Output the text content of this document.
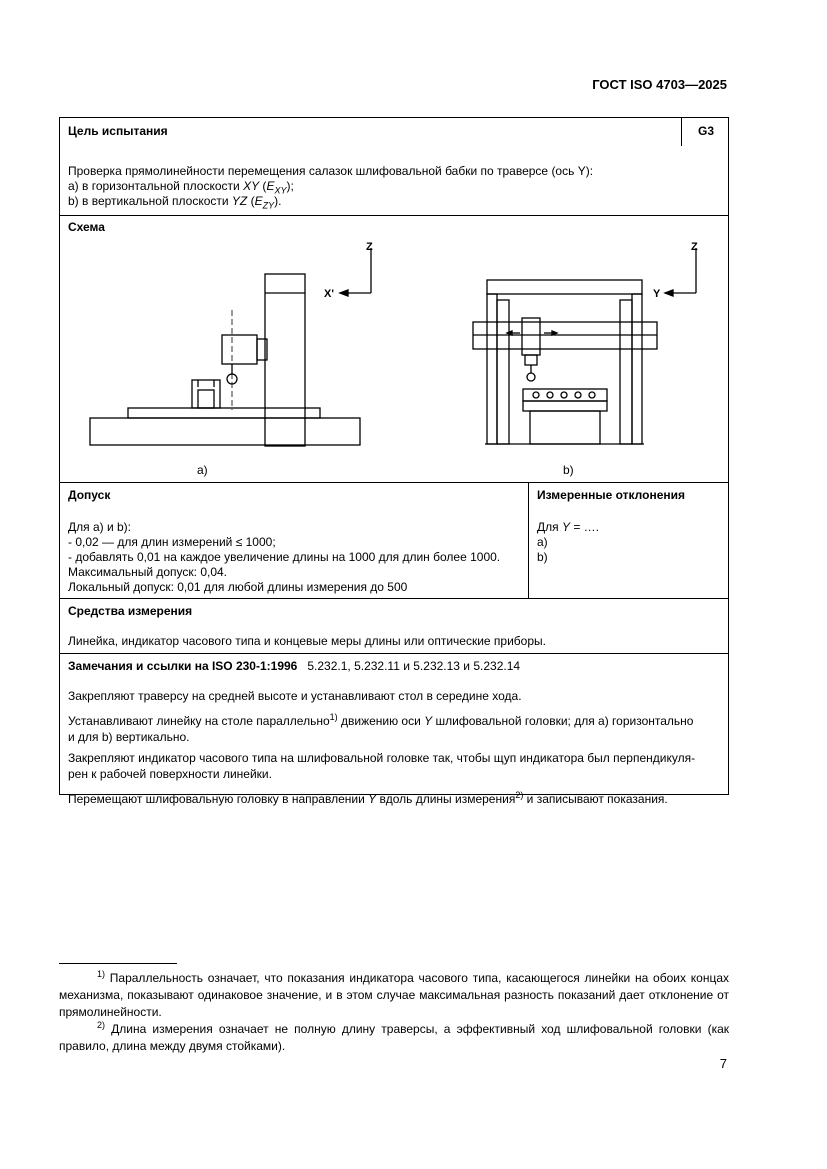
ГОСТ ISO 4703—2025
Цель испытания	G3
Проверка прямолинейности перемещения салазок шлифовальной бабки по траверсе (ось Y):
a) в горизонтальной плоскости XY $(E_{XY})$;
b) в вертикальной плоскости YZ $(E_{ZY})$.
Схема
Z
X'
Z
Y
a)	b)
Допуск
Для a) и b):
- 0,02 — для длин измерений ≤ 1000;
- добавлять 0,01 на каждое увеличение длины на 1000 для длин более 1000.
Максимальный допуск: 0,04.
Локальный допуск: 0,01 для любой длины измерения до 500
Измеренные отклонения
Для Y = ….
a)
b)
Средства измерения
Линейка, индикатор часового типа и концевые меры длины или оптические приборы.
Замечания и ссылки на ISO 230-1:1996 5.232.1, 5.232.11 и 5.232.13 и 5.232.14

Закрепляют траверсу на средней высоте и устанавливают стол в середине хода.

Устанавливают линейку на столе параллельно$^{1)}$ движению оси Y шлифовальной головки; для a) горизонтально
и для b) вертикально.

Закрепляют индикатор часового типа на шлифовальной головке так, чтобы щуп индикатора был перпендикуля-
рен к рабочей поверхности линейки.

Перемещают шлифовальную головку в направлении Y вдоль длины измерения$^{2)}$ и записывают показания.

$^{1)}$ Параллельность означает, что показания индикатора часового типа, касающегося линейки на обоих концах механизма, показывают одинаковое значение, и в этом случае максимальная разность показаний дает отклонение от прямолинейности.
$^{2)}$ Длина измерения означает не полную длину траверсы, а эффективный ход шлифовальной головки (как правило, длина между двумя стойками).
7
